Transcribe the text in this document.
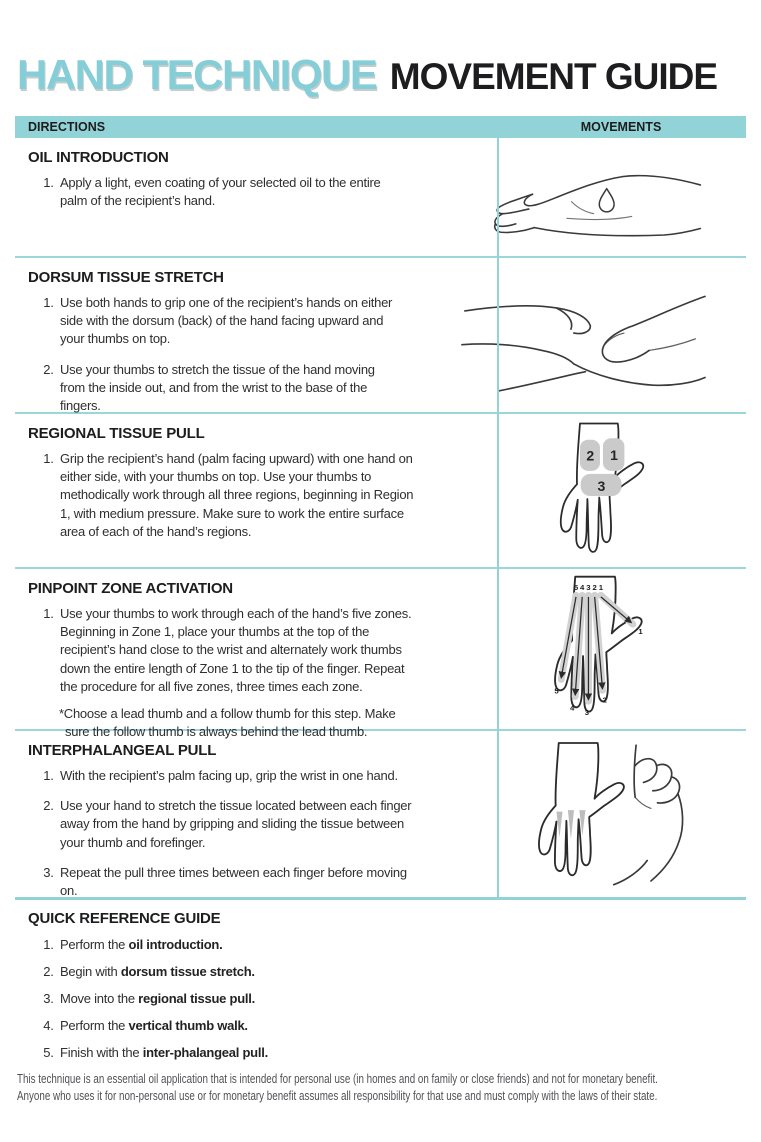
HAND TECHNIQUE MOVEMENT GUIDE
DIRECTIONS	MOVEMENTS
OIL INTRODUCTION
1. Apply a light, even coating of your selected oil to the entire palm of the recipient’s hand.
DORSUM TISSUE STRETCH
1. Use both hands to grip one of the recipient’s hands on either side with the dorsum (back) of the hand facing upward and your thumbs on top.
2. Use your thumbs to stretch the tissue of the hand moving from the inside out, and from the wrist to the base of the fingers.
REGIONAL TISSUE PULL
1. Grip the recipient’s hand (palm facing upward) with one hand on either side, with your thumbs on top. Use your thumbs to methodically work through all three regions, beginning in Region 1, with medium pressure. Make sure to work the entire surface area of each of the hand’s regions.
2 1
3
PINPOINT ZONE ACTIVATION
1. Use your thumbs to work through each of the hand’s five zones. Beginning in Zone 1, place your thumbs at the top of the recipient’s hand close to the wrist and alternately work thumbs down the entire length of Zone 1 to the tip of the finger. Repeat the procedure for all five zones, three times each zone.
*Choose a lead thumb and a follow thumb for this step. Make sure the follow thumb is always behind the lead thumb.
5 4 3 2 1
5
4
3
2
1
INTERPHALANGEAL PULL
1. With the recipient’s palm facing up, grip the wrist in one hand.
2. Use your hand to stretch the tissue located between each finger away from the hand by gripping and sliding the tissue between your thumb and forefinger.
3. Repeat the pull three times between each finger before moving on.
QUICK REFERENCE GUIDE
1. Perform the oil introduction.
2. Begin with dorsum tissue stretch.
3. Move into the regional tissue pull.
4. Perform the vertical thumb walk.
5. Finish with the inter-phalangeal pull.
This technique is an essential oil application that is intended for personal use (in homes and on family or close friends) and not for monetary benefit.
Anyone who uses it for non-personal use or for monetary benefit assumes all responsibility for that use and must comply with the laws of their state.
